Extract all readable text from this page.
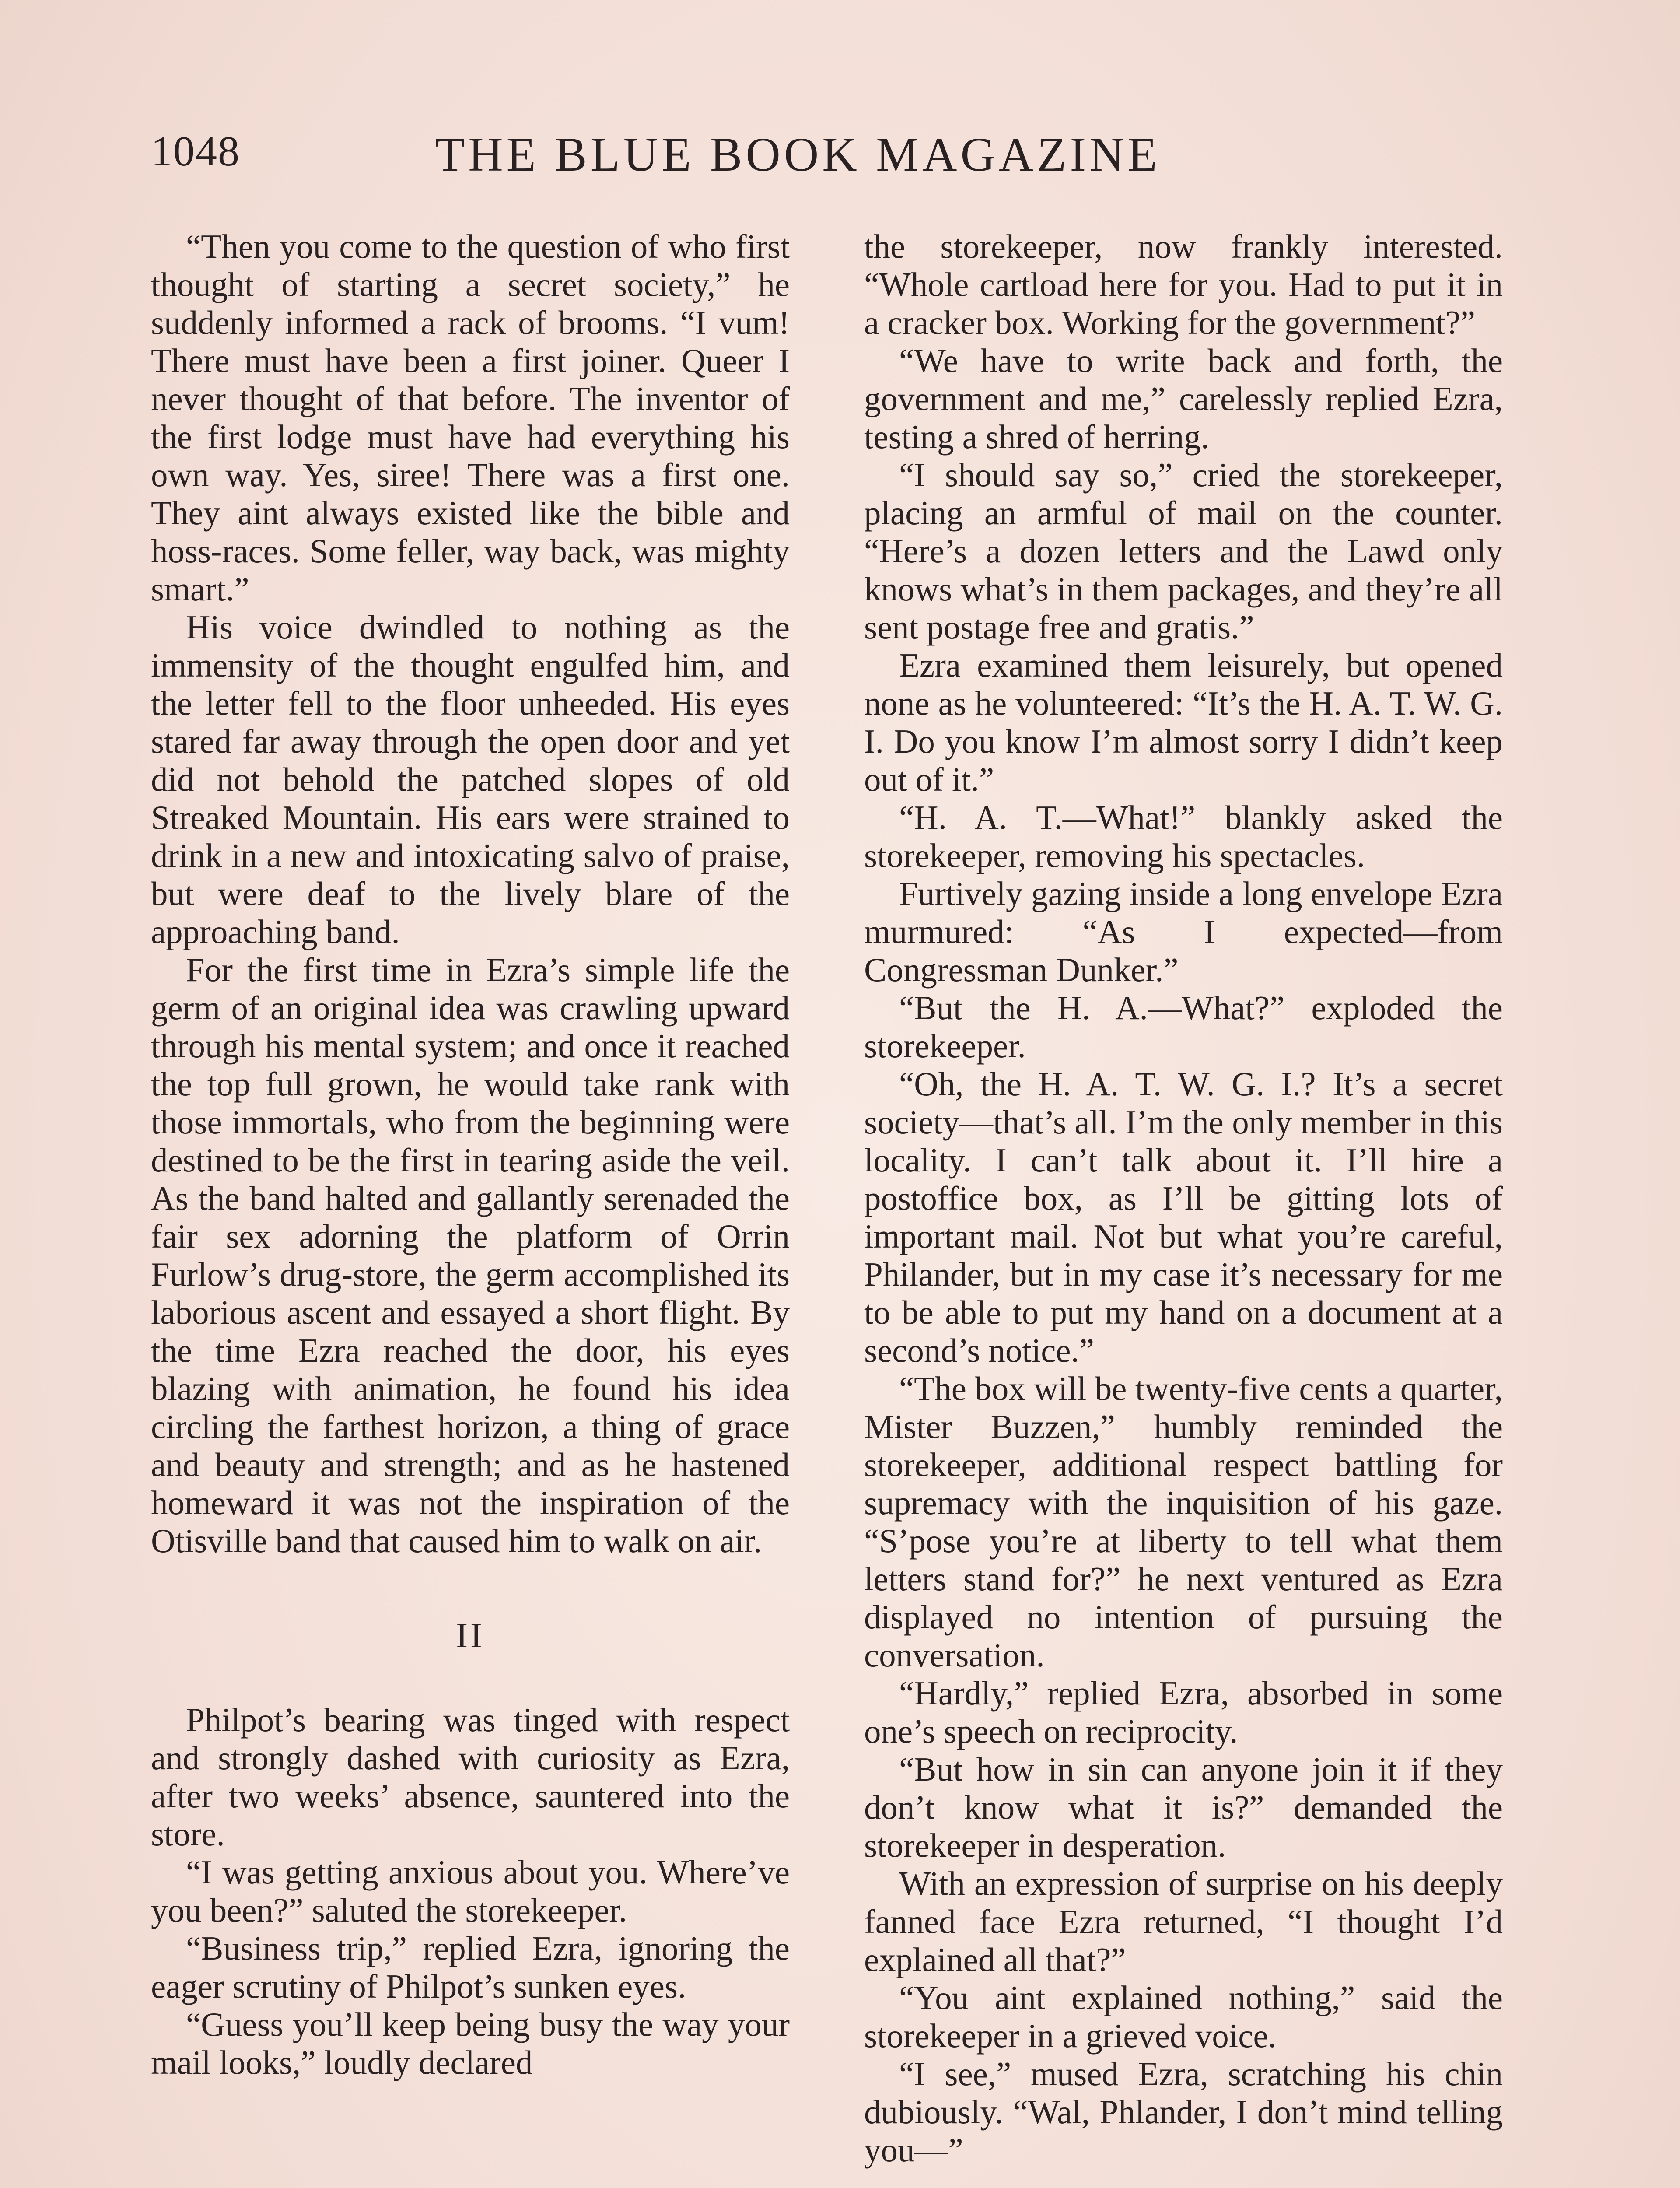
1048	THE BLUE BOOK MAGAZINE

“Then you come to the question of who first thought of starting a secret society,” he suddenly informed a rack of brooms. “I vum! There must have been a first joiner. Queer I never thought of that before. The inventor of the first lodge must have had everything his own way. Yes, siree! There was a first one. They aint always existed like the bible and hoss-races. Some feller, way back, was mighty smart.”

His voice dwindled to nothing as the immensity of the thought engulfed him, and the letter fell to the floor unheeded. His eyes stared far away through the open door and yet did not behold the patched slopes of old Streaked Mountain. His ears were strained to drink in a new and intoxicating salvo of praise, but were deaf to the lively blare of the approaching band.

For the first time in Ezra’s simple life the germ of an original idea was crawling upward through his mental system; and once it reached the top full grown, he would take rank with those immortals, who from the beginning were destined to be the first in tearing aside the veil. As the band halted and gallantly serenaded the fair sex adorning the platform of Orrin Furlow’s drug-store, the germ accomplished its laborious ascent and essayed a short flight. By the time Ezra reached the door, his eyes blazing with animation, he found his idea circling the farthest horizon, a thing of grace and beauty and strength; and as he hastened homeward it was not the inspiration of the Otisville band that caused him to walk on air.

II

Philpot’s bearing was tinged with respect and strongly dashed with curiosity as Ezra, after two weeks’ absence, sauntered into the store.

“I was getting anxious about you. Where’ve you been?” saluted the storekeeper.

“Business trip,” replied Ezra, ignoring the eager scrutiny of Philpot’s sunken eyes.

“Guess you’ll keep being busy the way your mail looks,” loudly declared

the storekeeper, now frankly interested. “Whole cartload here for you. Had to put it in a cracker box. Working for the government?”

“We have to write back and forth, the government and me,” carelessly replied Ezra, testing a shred of herring.

“I should say so,” cried the storekeeper, placing an armful of mail on the counter. “Here’s a dozen letters and the Lawd only knows what’s in them packages, and they’re all sent postage free and gratis.”

Ezra examined them leisurely, but opened none as he volunteered: “It’s the H. A. T. W. G. I. Do you know I’m almost sorry I didn’t keep out of it.”

“H. A. T.—What!” blankly asked the storekeeper, removing his spectacles.

Furtively gazing inside a long envelope Ezra murmured: “As I expected—from Congressman Dunker.”

“But the H. A.—What?” exploded the storekeeper.

“Oh, the H. A. T. W. G. I.? It’s a secret society—that’s all. I’m the only member in this locality. I can’t talk about it. I’ll hire a postoffice box, as I’ll be gitting lots of important mail. Not but what you’re careful, Philander, but in my case it’s necessary for me to be able to put my hand on a document at a second’s notice.”

“The box will be twenty-five cents a quarter, Mister Buzzen,” humbly reminded the storekeeper, additional respect battling for supremacy with the inquisition of his gaze. “S’pose you’re at liberty to tell what them letters stand for?” he next ventured as Ezra displayed no intention of pursuing the conversation.

“Hardly,” replied Ezra, absorbed in some one’s speech on reciprocity.

“But how in sin can anyone join it if they don’t know what it is?” demanded the storekeeper in desperation.

With an expression of surprise on his deeply fanned face Ezra returned, “I thought I’d explained all that?”

“You aint explained nothing,” said the storekeeper in a grieved voice.

“I see,” mused Ezra, scratching his chin dubiously. “Wal, Phlander, I don’t mind telling you—”
